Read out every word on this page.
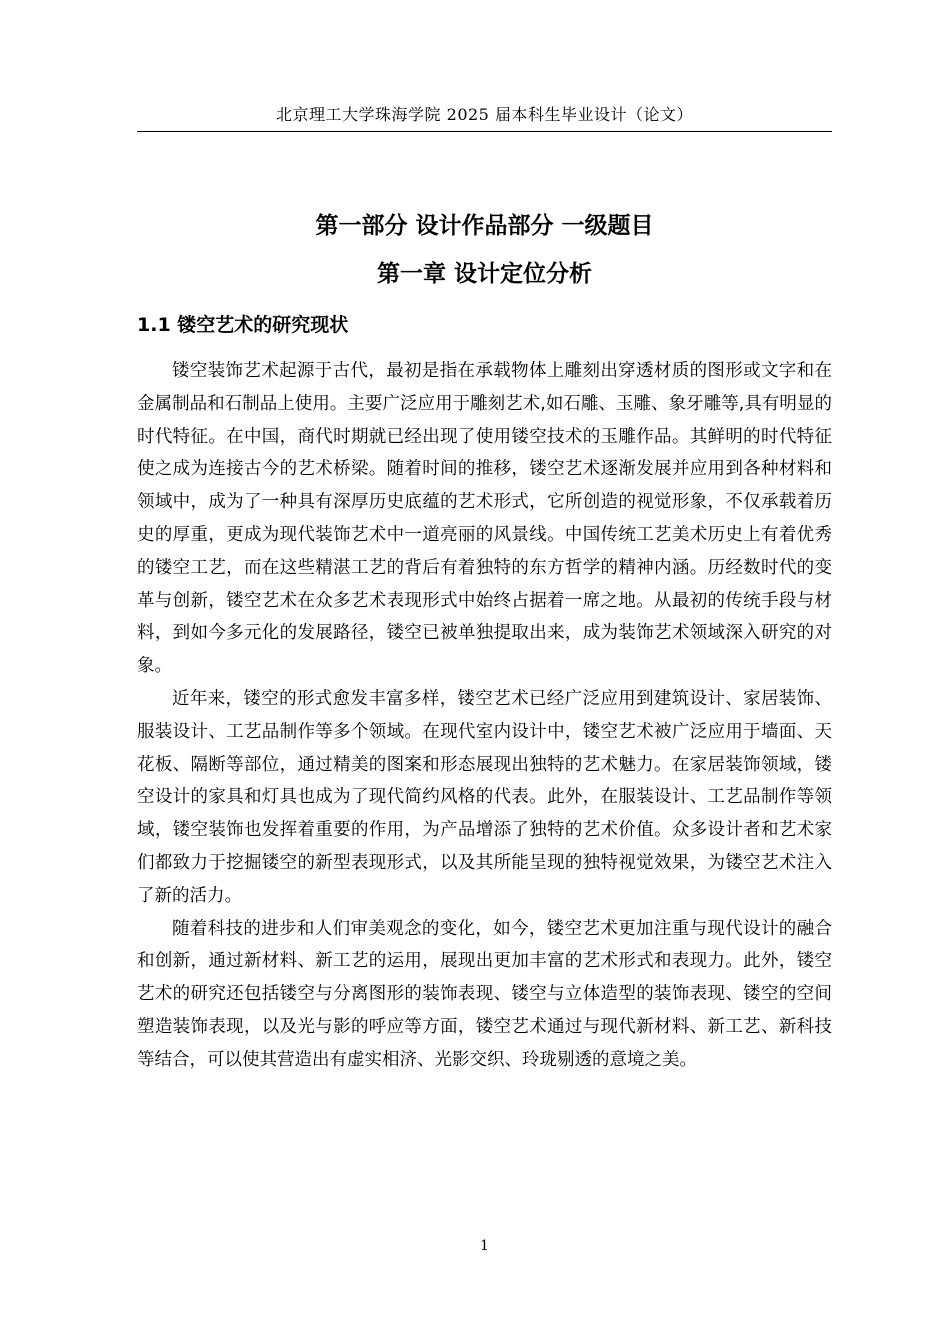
北京理工大学珠海学院 2025 届本科生毕业设计（论文）
第一部分 设计作品部分 一级题目
第一章 设计定位分析
1.1 镂空艺术的研究现状

镂空装饰艺术起源于古代，最初是指在承载物体上雕刻出穿透材质的图形或文字和在金属制品和石制品上使用。主要广泛应用于雕刻艺术,如石雕、玉雕、象牙雕等,具有明显的时代特征。在中国，商代时期就已经出现了使用镂空技术的玉雕作品。其鲜明的时代特征使之成为连接古今的艺术桥梁。随着时间的推移，镂空艺术逐渐发展并应用到各种材料和领域中，成为了一种具有深厚历史底蕴的艺术形式，它所创造的视觉形象，不仅承载着历史的厚重，更成为现代装饰艺术中一道亮丽的风景线。中国传统工艺美术历史上有着优秀的镂空工艺，而在这些精湛工艺的背后有着独特的东方哲学的精神内涵。历经数时代的变革与创新，镂空艺术在众多艺术表现形式中始终占据着一席之地。从最初的传统手段与材料，到如今多元化的发展路径，镂空已被单独提取出来，成为装饰艺术领域深入研究的对象。

近年来，镂空的形式愈发丰富多样，镂空艺术已经广泛应用到建筑设计、家居装饰、服装设计、工艺品制作等多个领域。在现代室内设计中，镂空艺术被广泛应用于墙面、天花板、隔断等部位，通过精美的图案和形态展现出独特的艺术魅力。在家居装饰领域，镂空设计的家具和灯具也成为了现代简约风格的代表。此外，在服装设计、工艺品制作等领域，镂空装饰也发挥着重要的作用，为产品增添了独特的艺术价值。众多设计者和艺术家们都致力于挖掘镂空的新型表现形式，以及其所能呈现的独特视觉效果，为镂空艺术注入了新的活力。

随着科技的进步和人们审美观念的变化，如今，镂空艺术更加注重与现代设计的融合和创新，通过新材料、新工艺的运用，展现出更加丰富的艺术形式和表现力。此外，镂空艺术的研究还包括镂空与分离图形的装饰表现、镂空与立体造型的装饰表现、镂空的空间塑造装饰表现，以及光与影的呼应等方面，镂空艺术通过与现代新材料、新工艺、新科技等结合，可以使其营造出有虚实相济、光影交织、玲珑剔透的意境之美。

1
